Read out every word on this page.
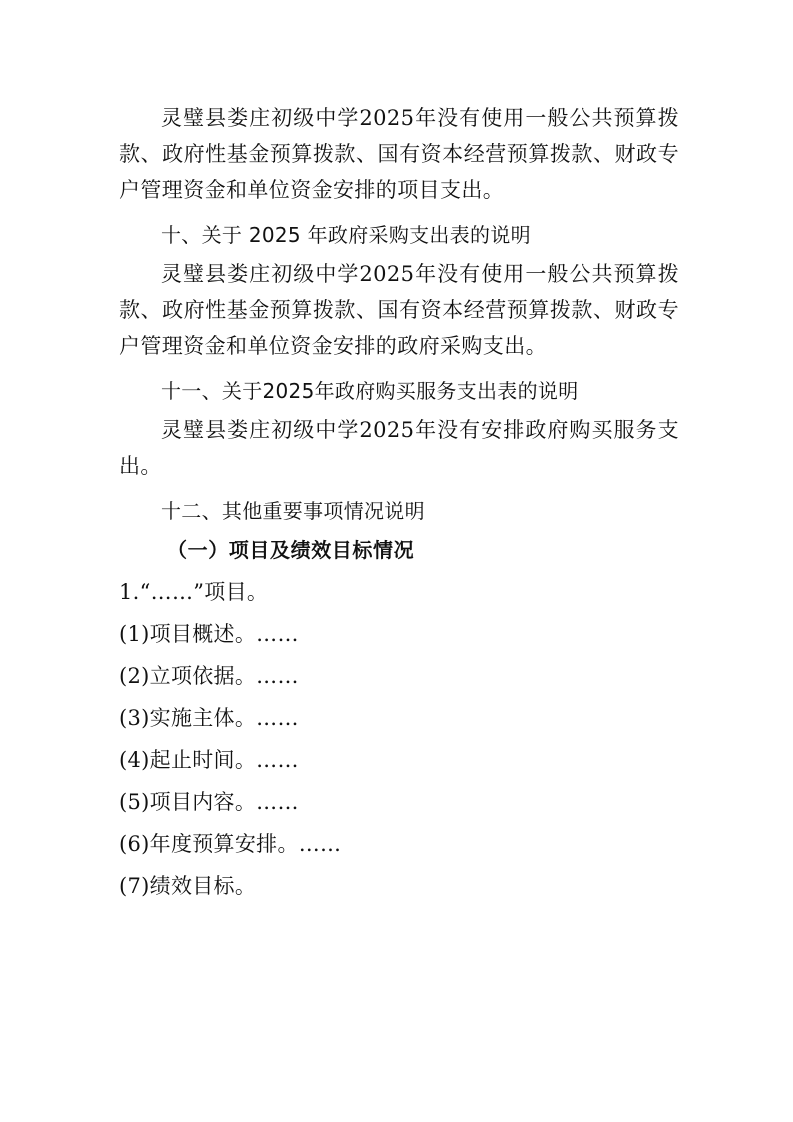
灵璧县娄庄初级中学2025年没有使用一般公共预算拨款、政府性基金预算拨款、国有资本经营预算拨款、财政专户管理资金和单位资金安排的项目支出。

十、关于 2025 年政府采购支出表的说明

灵璧县娄庄初级中学2025年没有使用一般公共预算拨款、政府性基金预算拨款、国有资本经营预算拨款、财政专户管理资金和单位资金安排的政府采购支出。

十一、关于2025年政府购买服务支出表的说明

灵璧县娄庄初级中学2025年没有安排政府购买服务支出。

十二、其他重要事项情况说明

（一）项目及绩效目标情况

1.“……”项目。

(1)项目概述。……

(2)立项依据。……

(3)实施主体。……

(4)起止时间。……

(5)项目内容。……

(6)年度预算安排。……

(7)绩效目标。
